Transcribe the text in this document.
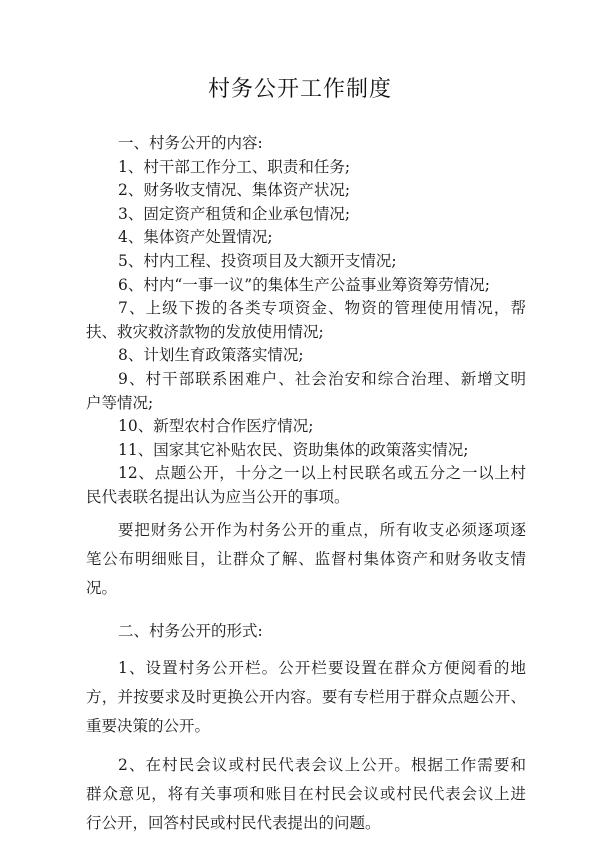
村务公开工作制度
一、村务公开的内容:
1、村干部工作分工、职责和任务;
2、财务收支情况、集体资产状况;
3、固定资产租赁和企业承包情况;
4、集体资产处置情况;
5、村内工程、投资项目及大额开支情况;
6、村内“一事一议”的集体生产公益事业筹资筹劳情况;
7、上级下拨的各类专项资金、物资的管理使用情况，帮
扶、救灾救济款物的发放使用情况;
8、计划生育政策落实情况;
9、村干部联系困难户、社会治安和综合治理、新增文明
户等情况;
10、新型农村合作医疗情况;
11、国家其它补贴农民、资助集体的政策落实情况;
12、点题公开，十分之一以上村民联名或五分之一以上村
民代表联名提出认为应当公开的事项。
要把财务公开作为村务公开的重点，所有收支必须逐项逐
笔公布明细账目，让群众了解、监督村集体资产和财务收支情
况。
二、村务公开的形式:
1、设置村务公开栏。公开栏要设置在群众方便阅看的地
方，并按要求及时更换公开内容。要有专栏用于群众点题公开、
重要决策的公开。
2、在村民会议或村民代表会议上公开。根据工作需要和
群众意见，将有关事项和账目在村民会议或村民代表会议上进
行公开，回答村民或村民代表提出的问题。
